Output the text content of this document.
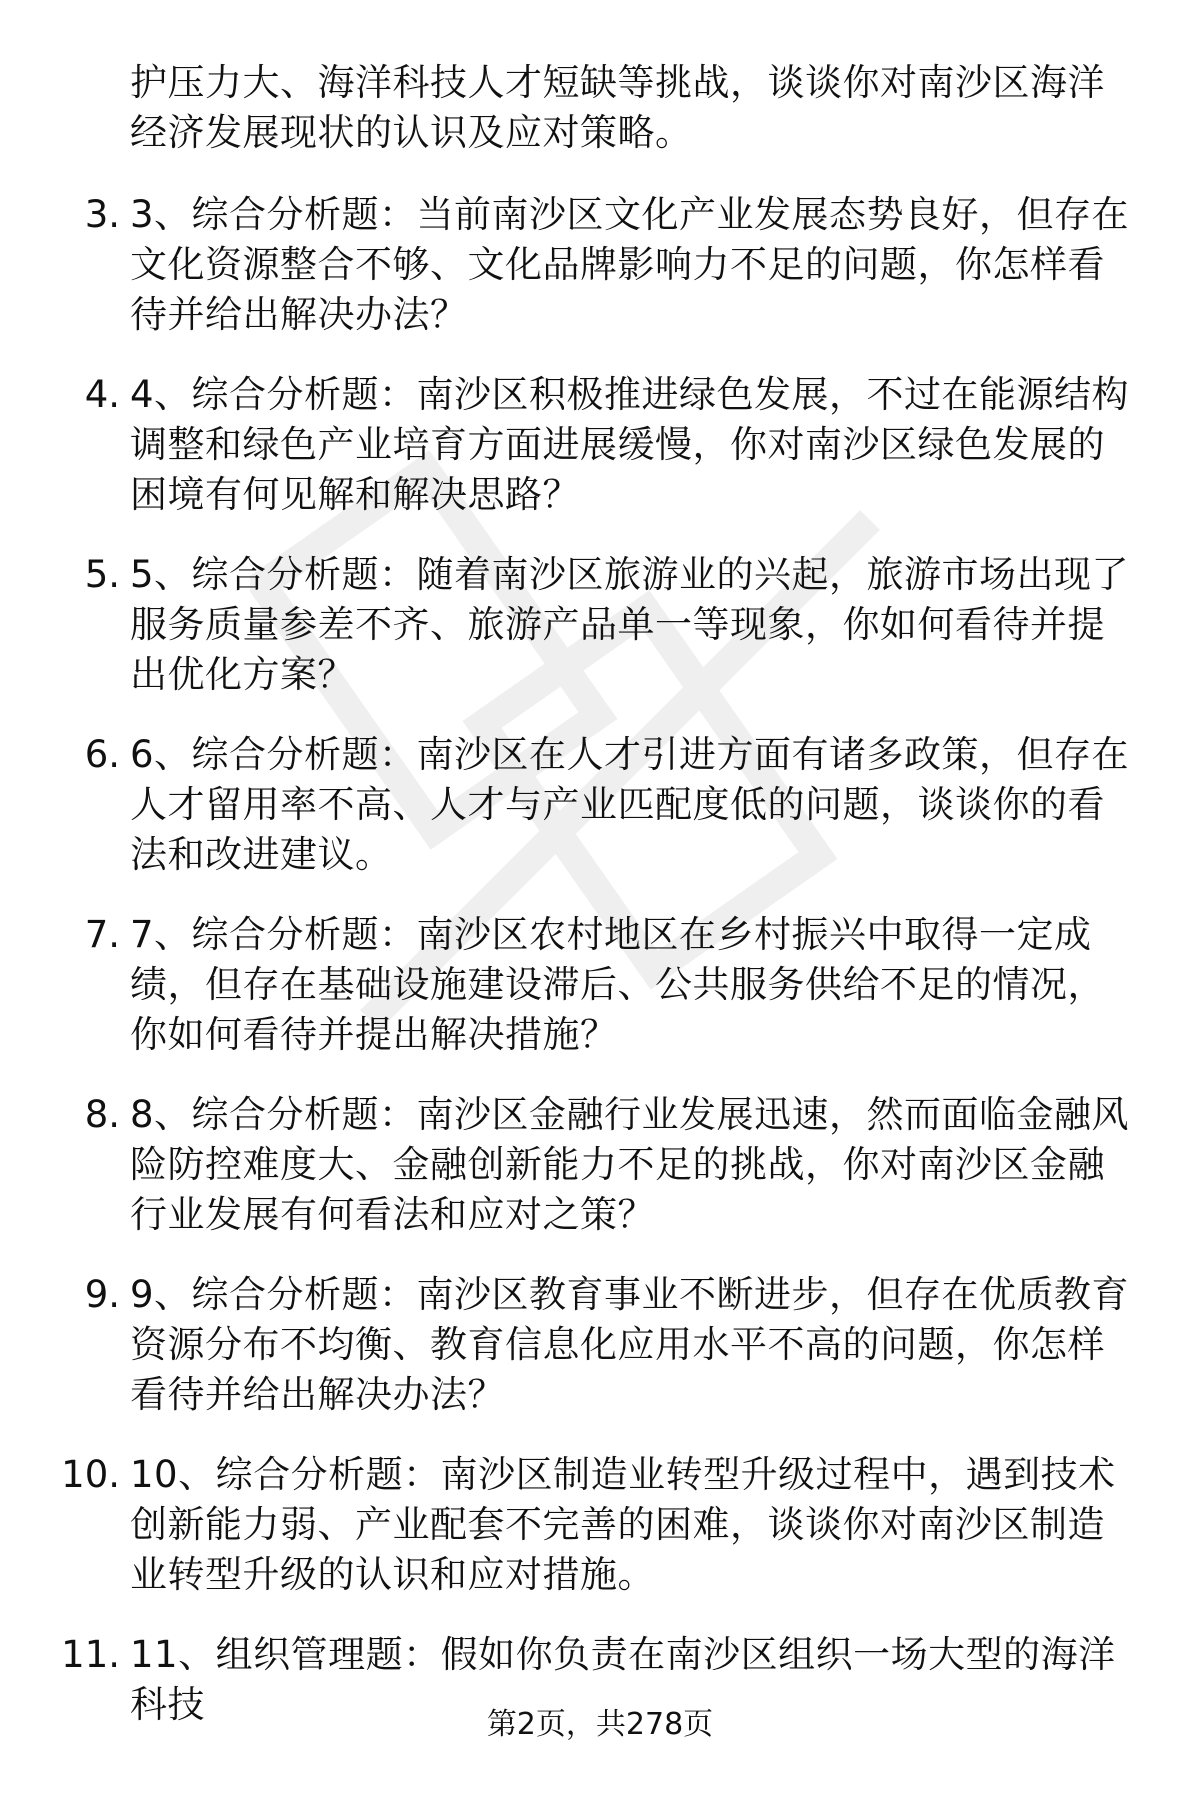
护压力大、海洋科技人才短缺等挑战，谈谈你对南沙区海洋经济发展现状的认识及应对策略。
3. 3、综合分析题：当前南沙区文化产业发展态势良好，但存在文化资源整合不够、文化品牌影响力不足的问题，你怎样看待并给出解决办法？
4. 4、综合分析题：南沙区积极推进绿色发展，不过在能源结构调整和绿色产业培育方面进展缓慢，你对南沙区绿色发展的困境有何见解和解决思路？
5. 5、综合分析题：随着南沙区旅游业的兴起，旅游市场出现了服务质量参差不齐、旅游产品单一等现象，你如何看待并提出优化方案？
6. 6、综合分析题：南沙区在人才引进方面有诸多政策，但存在人才留用率不高、人才与产业匹配度低的问题，谈谈你的看法和改进建议。
7. 7、综合分析题：南沙区农村地区在乡村振兴中取得一定成绩，但存在基础设施建设滞后、公共服务供给不足的情况，你如何看待并提出解决措施？
8. 8、综合分析题：南沙区金融行业发展迅速，然而面临金融风险防控难度大、金融创新能力不足的挑战，你对南沙区金融行业发展有何看法和应对之策？
9. 9、综合分析题：南沙区教育事业不断进步，但存在优质教育资源分布不均衡、教育信息化应用水平不高的问题，你怎样看待并给出解决办法？
10. 10、综合分析题：南沙区制造业转型升级过程中，遇到技术创新能力弱、产业配套不完善的困难，谈谈你对南沙区制造业转型升级的认识和应对措施。
11. 11、组织管理题：假如你负责在南沙区组织一场大型的海洋科技	第2页，共278页
